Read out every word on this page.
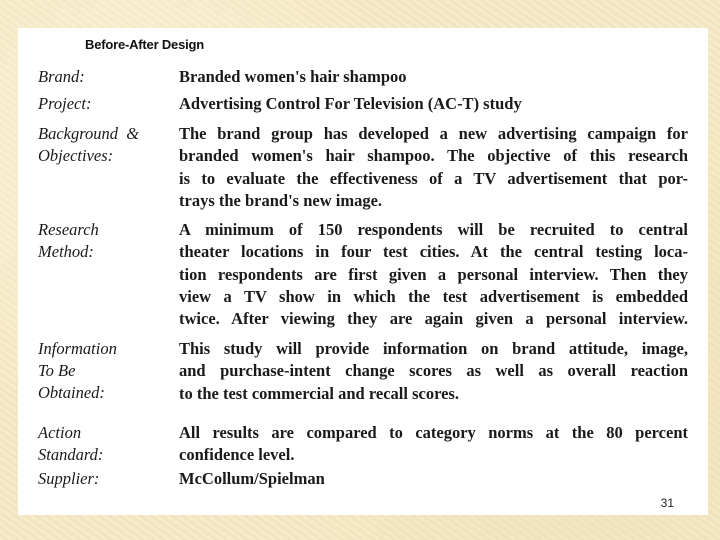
Before-After Design
Brand:	Branded women's hair shampoo
Project:	Advertising Control For Television (AC-T) study
Background  &
Objectives:
The brand group has developed a new advertising campaign for
branded women's hair shampoo. The objective of this research
is to evaluate the effectiveness of a TV advertisement that por-
trays the brand's new image.
Research
Method:
A minimum of 150 respondents will be recruited to central
theater locations in four test cities. At the central testing loca-
tion respondents are first given a personal interview. Then they
view a TV show in which the test advertisement is embedded
twice. After viewing they are again given a personal interview.
Information
To Be
Obtained:
This study will provide information on brand attitude, image,
and purchase-intent change scores as well as overall reaction
to the test commercial and recall scores.
Action
Standard:
All results are compared to category norms at the 80 percent
confidence level.
Supplier:	McCollum/Spielman
31
